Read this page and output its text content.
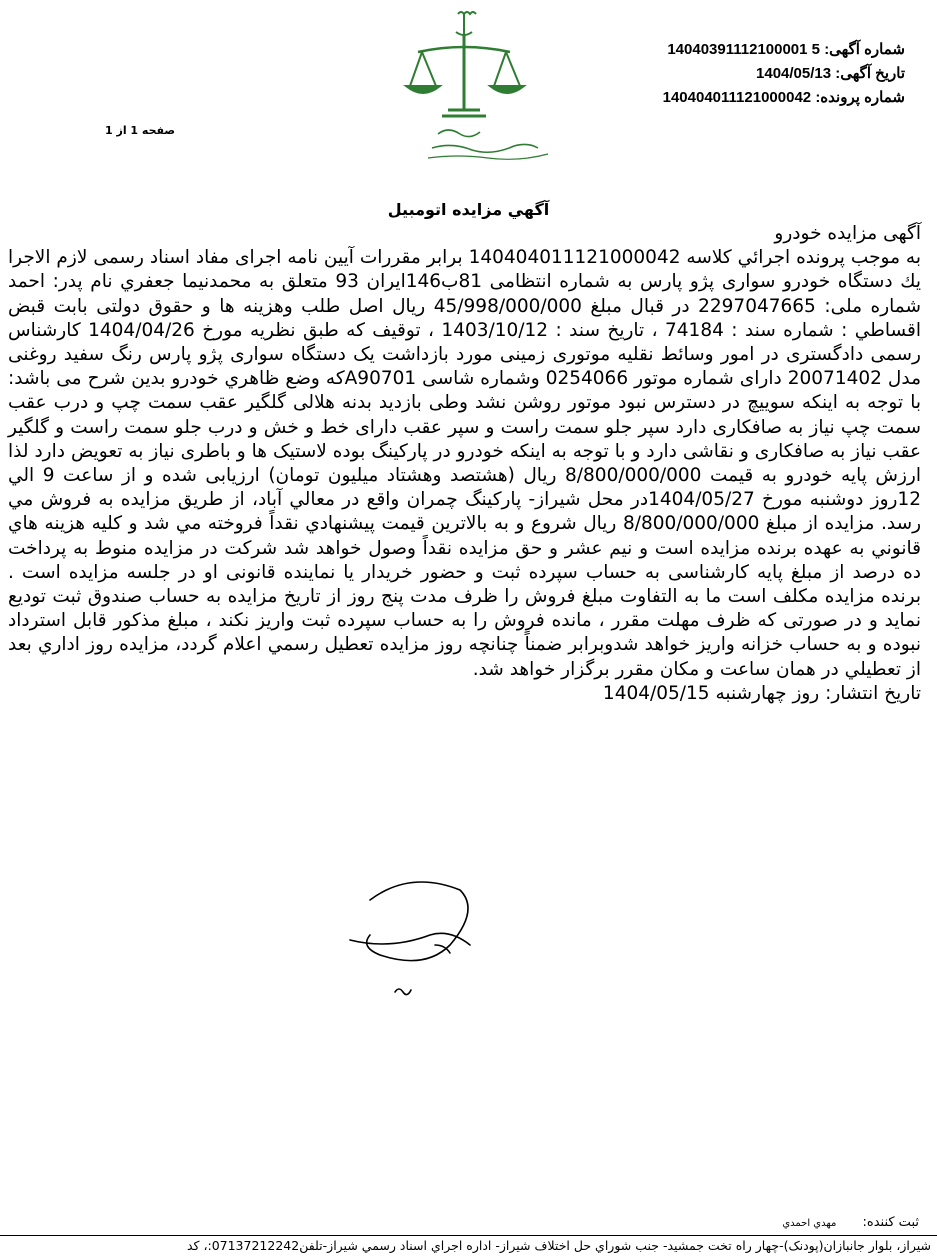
شماره آگهی: 14040391112100001 5
تاریخ آگهی: 1404/05/13
شماره پرونده: 140404011121000042
صفحه 1 از 1
آگهي مزايده اتومبيل
آگهی مزایده خودرو
به موجب پرونده اجرائي كلاسه 140404011121000042 برابر مقررات آيين نامه اجراى مفاد اسناد رسمى لازم الاجرا يك دستگاه خودرو سوارى پژو پارس به شماره انتظامى 81ب146ايران 93 متعلق به محمدنيما جعفري نام پدر: احمد شماره ملی: 2297047665 در قبال مبلغ 45/998/000/000 ريال اصل طلب وهزينه ها و حقوق دولتی بابت قبض اقساطي : شماره سند : 74184 ، تاريخ سند : 1403/10/12 ، توقيف كه طبق نظريه مورخ 1404/04/26 كارشناس رسمی دادگستری در امور وسائط نقليه موتوری زمينی مورد بازداشت يک دستگاه سواری پژو پارس رنگ سفيد روغنی مدل 20071402 دارای شماره موتور 0254066 وشماره شاسی A90701كه وضع ظاهري خودرو بدين شرح می باشد: با توجه به اينكه سوييچ در دسترس نبود موتور روشن نشد وطی بازديد بدنه هلالی گلگير عقب سمت چپ و درب عقب سمت چپ نياز به صافكاری دارد سپر جلو سمت راست و سپر عقب دارای خط و خش و درب جلو سمت راست و گلگير عقب نياز به صافكاری و نقاشی دارد و با توجه به اينكه خودرو در پاركينگ بوده لاستيک ها و باطری نياز به تعويض دارد لذا ارزش پايه خودرو به قيمت 8/800/000/000 ريال (هشتصد وهشتاد ميليون تومان) ارزيابی شده و از ساعت 9 الي 12روز دوشنبه مورخ 1404/05/27در محل شيراز- پاركينگ چمران واقع در معالي آباد، از طريق مزايده به فروش مي رسد. مزايده از مبلغ 8/800/000/000 ريال شروع و به بالاترين قيمت پيشنهادي نقداً فروخته مي شد و كليه هزينه هاي قانوني به عهده برنده مزايده است و نيم عشر و حق مزايده نقداً وصول خواهد شد شركت در مزايده منوط به پرداخت ده درصد از مبلغ پايه كارشناسی به حساب سپرده ثبت و حضور خريدار يا نماينده قانونی او در جلسه مزايده است . برنده مزايده مكلف است ما به التفاوت مبلغ فروش را ظرف مدت پنج روز از تاريخ مزايده به حساب صندوق ثبت توديع نمايد و در صورتی كه ظرف مهلت مقرر ، مانده فروش را به حساب سپرده ثبت واريز نكند ، مبلغ مذكور قابل استرداد نبوده و به حساب خزانه واريز خواهد شدوبرابر ضمناً چنانچه روز مزايده تعطيل رسمي اعلام گردد، مزايده روز اداري بعد از تعطيلي در همان ساعت و مكان مقرر برگزار خواهد شد.
تاريخ انتشار: روز چهارشنبه 1404/05/15
ثبت كننده: مهدي احمدي
شيراز، بلوار جانبازان(پودنک)-چهار راه تخت جمشيد- جنب شوراي حل اختلاف شيراز- اداره اجراي اسناد رسمي شيراز-تلفن07137212242:، كد
